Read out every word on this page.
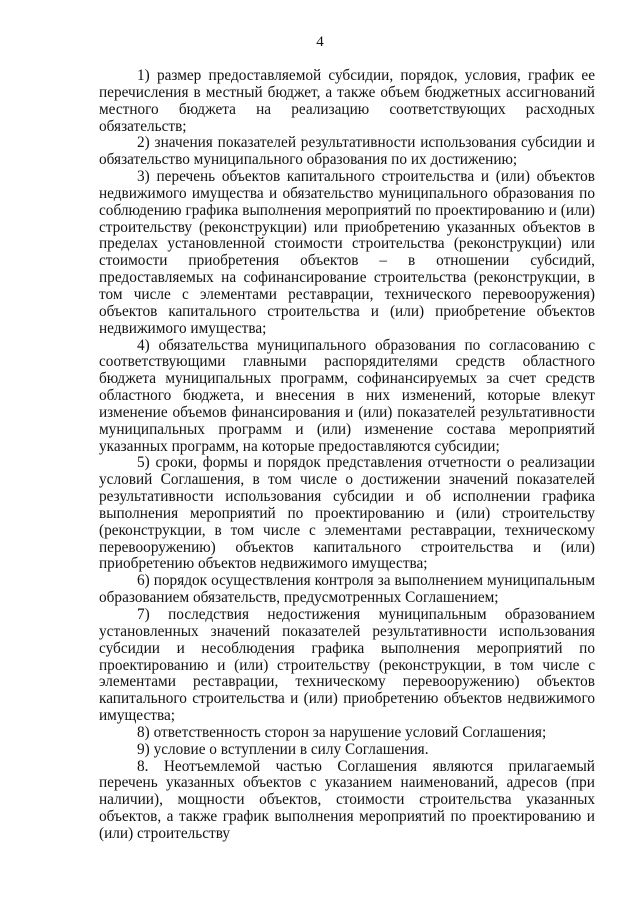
4

1) размер предоставляемой субсидии, порядок, условия, график ее перечисления в местный бюджет, а также объем бюджетных ассигнований местного бюджета на реализацию соответствующих расходных обязательств;

2) значения показателей результативности использования субсидии и обязательство муниципального образования по их достижению;

3) перечень объектов капитального строительства и (или) объектов недвижимого имущества и обязательство муниципального образования по соблюдению графика выполнения мероприятий по проектированию и (или) строительству (реконструкции) или приобретению указанных объектов в пределах установленной стоимости строительства (реконструкции) или стоимости приобретения объектов – в отношении субсидий, предоставляемых на софинансирование строительства (реконструкции, в том числе с элементами реставрации, технического перевооружения) объектов капитального строительства и (или) приобретение объектов недвижимого имущества;

4) обязательства муниципального образования по согласованию с соответствующими главными распорядителями средств областного бюджета муниципальных программ, софинансируемых за счет средств областного бюджета, и внесения в них изменений, которые влекут изменение объемов финансирования и (или) показателей результативности муниципальных программ и (или) изменение состава мероприятий указанных программ, на которые предоставляются субсидии;

5) сроки, формы и порядок представления отчетности о реализации условий Соглашения, в том числе о достижении значений показателей результативности использования субсидии и об исполнении графика выполнения мероприятий по проектированию и (или) строительству (реконструкции, в том числе с элементами реставрации, техническому перевооружению) объектов капитального строительства и (или) приобретению объектов недвижимого имущества;

6) порядок осуществления контроля за выполнением муниципальным образованием обязательств, предусмотренных Соглашением;

7) последствия недостижения муниципальным образованием установленных значений показателей результативности использования субсидии и несоблюдения графика выполнения мероприятий по проектированию и (или) строительству (реконструкции, в том числе с элементами реставрации, техническому перевооружению) объектов капитального строительства и (или) приобретению объектов недвижимого имущества;

8) ответственность сторон за нарушение условий Соглашения;

9) условие о вступлении в силу Соглашения.

8. Неотъемлемой частью Соглашения являются прилагаемый перечень указанных объектов с указанием наименований, адресов (при наличии), мощности объектов, стоимости строительства указанных объектов, а также график выполнения мероприятий по проектированию и (или) строительству
